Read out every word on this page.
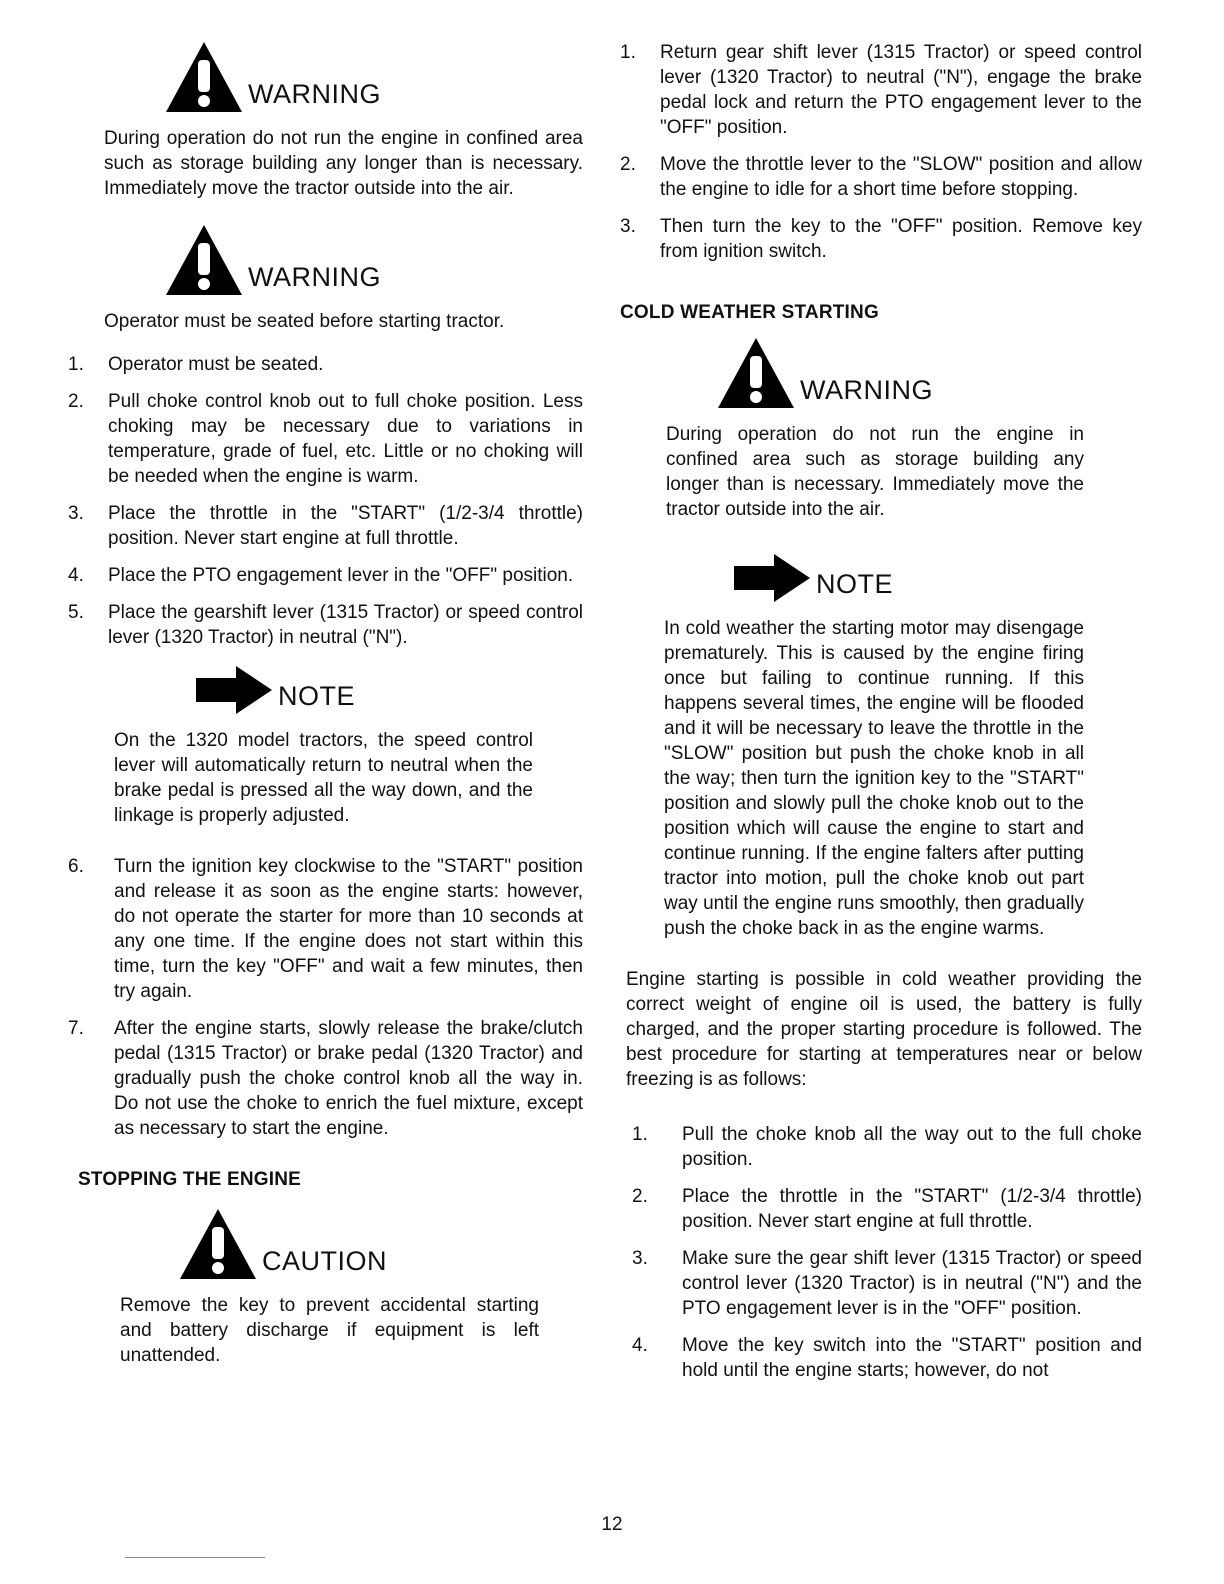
WARNING

During operation do not run the engine in confined area such as storage building any longer than is necessary. Immediately move the tractor outside into the air.

WARNING

Operator must be seated before starting tractor.

1.	Operator must be seated.
2.	Pull choke control knob out to full choke position. Less choking may be necessary due to variations in temperature, grade of fuel, etc. Little or no choking will be needed when the engine is warm.
3.	Place the throttle in the "START" (1/2-3/4 throttle) position. Never start engine at full throttle.
4.	Place the PTO engagement lever in the "OFF" position.
5.	Place the gearshift lever (1315 Tractor) or speed control lever (1320 Tractor) in neutral ("N").
NOTE

On the 1320 model tractors, the speed control lever will automatically return to neutral when the brake pedal is pressed all the way down, and the linkage is properly adjusted.

6.	Turn the ignition key clockwise to the "START" position and release it as soon as the engine starts: however, do not operate the starter for more than 10 seconds at any one time. If the engine does not start within this time, turn the key "OFF" and wait a few minutes, then try again.
7.	After the engine starts, slowly release the brake/clutch pedal (1315 Tractor) or brake pedal (1320 Tractor) and gradually push the choke control knob all the way in. Do not use the choke to enrich the fuel mixture, except as necessary to start the engine.

STOPPING THE ENGINE

CAUTION

Remove the key to prevent accidental starting and battery discharge if equipment is left unattended.

1.	Return gear shift lever (1315 Tractor) or speed control lever (1320 Tractor) to neutral ("N"), engage the brake pedal lock and return the PTO engagement lever to the "OFF" position.
2.	Move the throttle lever to the "SLOW" position and allow the engine to idle for a short time before stopping.
3.	Then turn the key to the "OFF" position. Remove key from ignition switch.

COLD WEATHER STARTING

WARNING

During operation do not run the engine in confined area such as storage building any longer than is necessary. Immediately move the tractor outside into the air.

NOTE

In cold weather the starting motor may disengage prematurely. This is caused by the engine firing once but failing to continue running. If this happens several times, the engine will be flooded and it will be necessary to leave the throttle in the "SLOW" position but push the choke knob in all the way; then turn the ignition key to the "START" position and slowly pull the choke knob out to the position which will cause the engine to start and continue running. If the engine falters after putting tractor into motion, pull the choke knob out part way until the engine runs smoothly, then gradually push the choke back in as the engine warms.

Engine starting is possible in cold weather providing the correct weight of engine oil is used, the battery is fully charged, and the proper starting procedure is followed. The best procedure for starting at temperatures near or below freezing is as follows:

1.	Pull the choke knob all the way out to the full choke position.
2.	Place the throttle in the "START" (1/2-3/4 throttle) position. Never start engine at full throttle.
3.	Make sure the gear shift lever (1315 Tractor) or speed control lever (1320 Tractor) is in neutral ("N") and the PTO engagement lever is in the "OFF" position.
4.	Move the key switch into the "START" position and hold until the engine starts; however, do not
12
